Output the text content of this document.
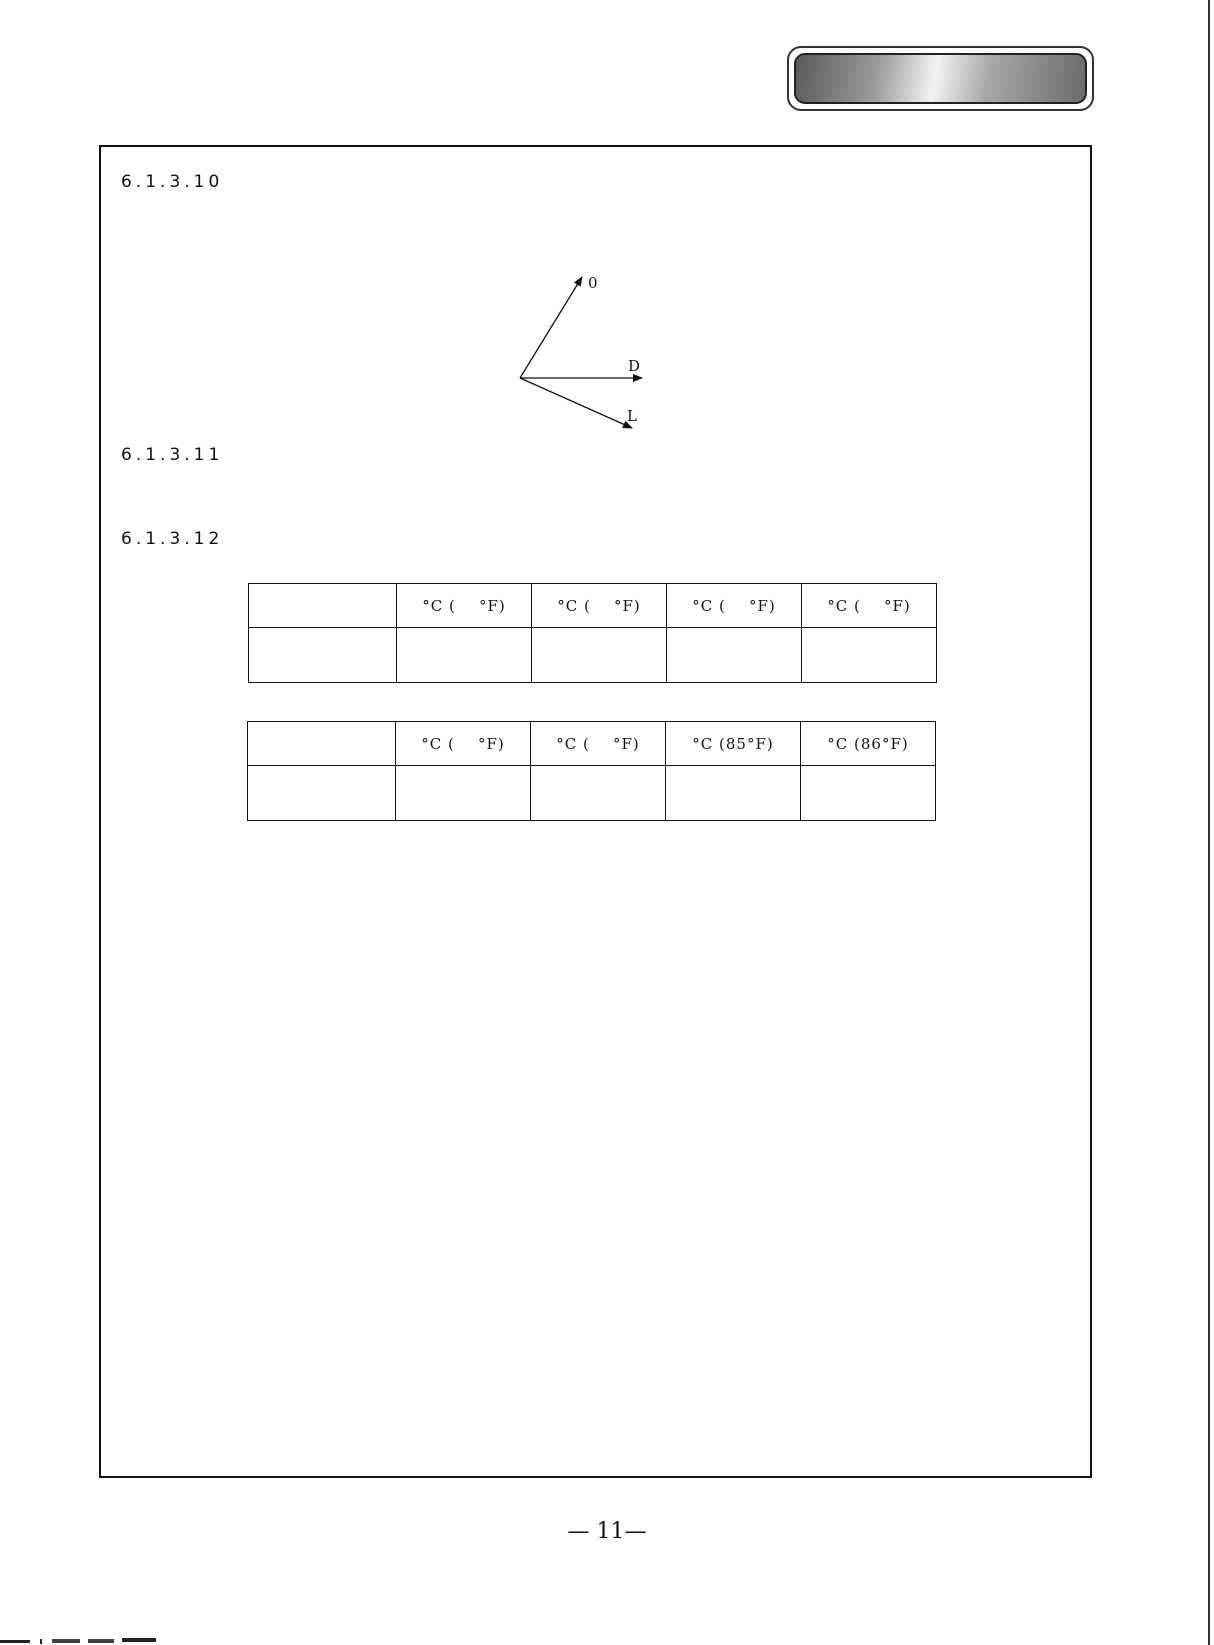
6.1.3.10
0
D
L
6.1.3.11
6.1.3.12
	°C (    °F)	°C (    °F)	°C (    °F)	°C (    °F)

	°C (    °F)	°C (    °F)	°C (85°F)	°C (86°F)

— 11—
